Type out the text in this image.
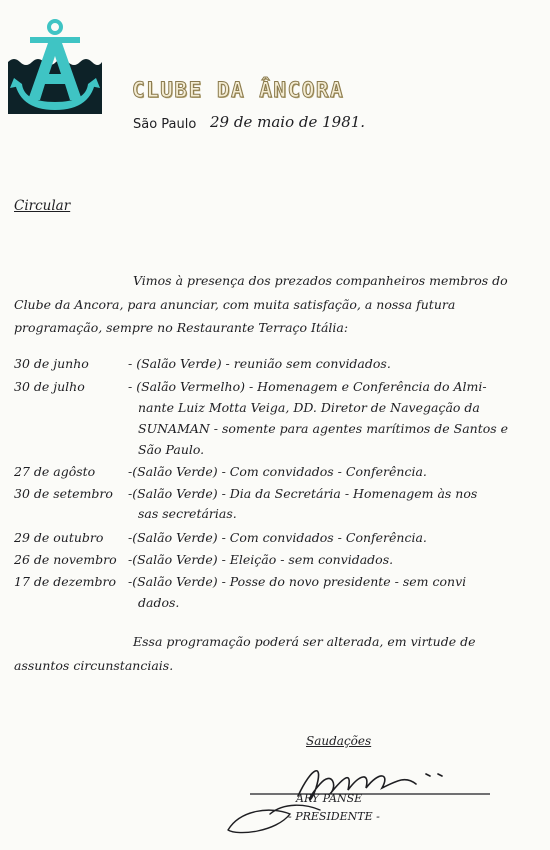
CLUBE DA ÂNCORA
São Paulo 29 de maio de 1981.
Circular
Vimos à presença dos prezados companheiros membros do
Clube da Ancora, para anunciar, com muita satisfação, a nossa futura
programação, sempre no Restaurante Terraço Itália:
30 de junho	- (Salão Verde) - reunião sem convidados.
30 de julho	- (Salão Vermelho) - Homenagem e Conferência do Almi-
nante Luiz Motta Veiga, DD. Diretor de Navegação da
SUNAMAN - somente para agentes marítimos de Santos e
São Paulo.
27 de agôsto	-(Salão Verde) - Com convidados - Conferência.
30 de setembro -(Salão Verde) - Dia da Secretária - Homenagem às nos
sas secretárias.
29 de outubro -(Salão Verde) - Com convidados - Conferência.
26 de novembro -(Salão Verde) - Eleição - sem convidados.
17 de dezembro -(Salão Verde) - Posse do novo presidente - sem convi
dados.
Essa programação poderá ser alterada, em virtude de
assuntos circunstanciais.
Saudações
ARY PANSE
- PRESIDENTE -
